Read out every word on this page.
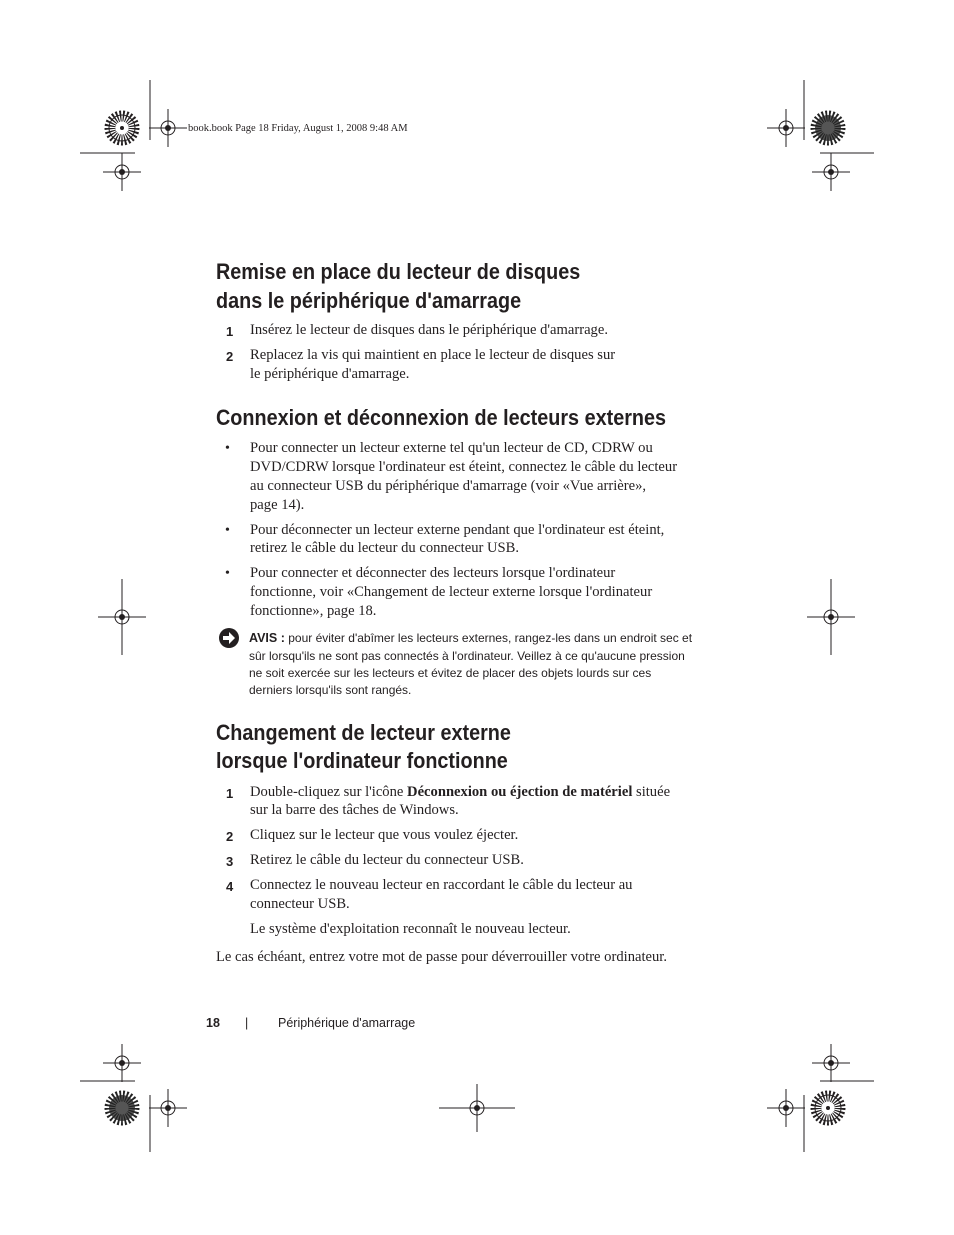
book.book Page 18 Friday, August 1, 2008 9:48 AM
Remise en place du lecteur de disques
dans le périphérique d'amarrage
1	Insérez le lecteur de disques dans le périphérique d'amarrage.
2	Replacez la vis qui maintient en place le lecteur de disques sur
le périphérique d'amarrage.
Connexion et déconnexion de lecteurs externes
• Pour connecter un lecteur externe tel qu'un lecteur de CD, CDRW ou
DVD/CDRW lorsque l'ordinateur est éteint, connectez le câble du lecteur
au connecteur USB du périphérique d'amarrage (voir «Vue arrière»,
page 14).
• Pour déconnecter un lecteur externe pendant que l'ordinateur est éteint,
retirez le câble du lecteur du connecteur USB.
• Pour connecter et déconnecter des lecteurs lorsque l'ordinateur
fonctionne, voir «Changement de lecteur externe lorsque l'ordinateur
fonctionne», page 18.
AVIS : pour éviter d'abîmer les lecteurs externes, rangez-les dans un endroit sec et
sûr lorsqu'ils ne sont pas connectés à l'ordinateur. Veillez à ce qu'aucune pression
ne soit exercée sur les lecteurs et évitez de placer des objets lourds sur ces
derniers lorsqu'ils sont rangés.
Changement de lecteur externe
lorsque l'ordinateur fonctionne
1	Double-cliquez sur l'icône Déconnexion ou éjection de matériel située
sur la barre des tâches de Windows.
2	Cliquez sur le lecteur que vous voulez éjecter.
3	Retirez le câble du lecteur du connecteur USB.
4	Connectez le nouveau lecteur en raccordant le câble du lecteur au
connecteur USB.
Le système d'exploitation reconnaît le nouveau lecteur.
Le cas échéant, entrez votre mot de passe pour déverrouiller votre ordinateur.
18 | Périphérique d'amarrage
